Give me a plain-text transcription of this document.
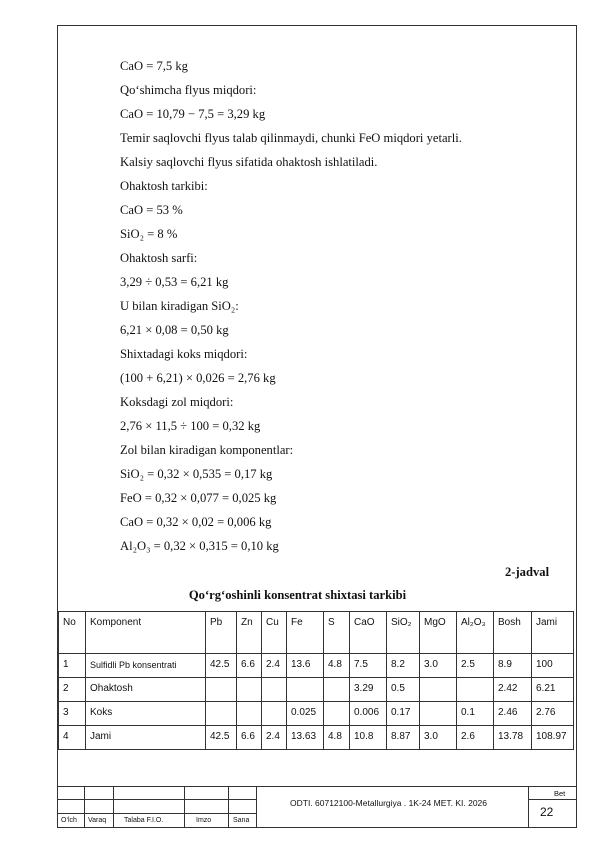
CaO = 7,5 kg
Qo‘shimcha flyus miqdori:
CaO = 10,79 − 7,5 = 3,29 kg
Temir saqlovchi flyus talab qilinmaydi, chunki FeO miqdori yetarli.
Kalsiy saqlovchi flyus sifatida ohaktosh ishlatiladi.
Ohaktosh tarkibi:
CaO = 53 %
SiO₂ = 8 %
Ohaktosh sarfi:
3,29 ÷ 0,53 = 6,21 kg
U bilan kiradigan SiO₂:
6,21 × 0,08 = 0,50 kg
Shixtadagi koks miqdori:
(100 + 6,21) × 0,026 = 2,76 kg
Koksdagi zol miqdori:
2,76 × 11,5 ÷ 100 = 0,32 kg
Zol bilan kiradigan komponentlar:
SiO₂ = 0,32 × 0,535 = 0,17 kg
FeO = 0,32 × 0,077 = 0,025 kg
CaO = 0,32 × 0,02 = 0,006 kg
Al₂O₃ = 0,32 × 0,315 = 0,10 kg
2-jadval
Qo‘rg‘oshinli konsentrat shixtasi tarkibi
No	Komponent	Pb	Zn	Cu	Fe	S	CaO	SiO₂	MgO	Al₂O₃	Bosh	Jami
1	Sulfidli Pb konsentrati	42.5	6.6	2.4	13.6	4.8	7.5	8.2	3.0	2.5	8.9	100
2	Ohaktosh						3.29	0.5			2.42	6.21
3	Koks				0.025		0.006	0.17		0.1	2.46	2.76
4	Jami	42.5	6.6	2.4	13.63	4.8	10.8	8.87	3.0	2.6	13.78	108.97
O‘lch Varaq	Talaba F.I.O.	Imzo	Sana
ODTI. 60712100-Metallurgiya . 1K-24 MET. KI. 2026
Bet
22
